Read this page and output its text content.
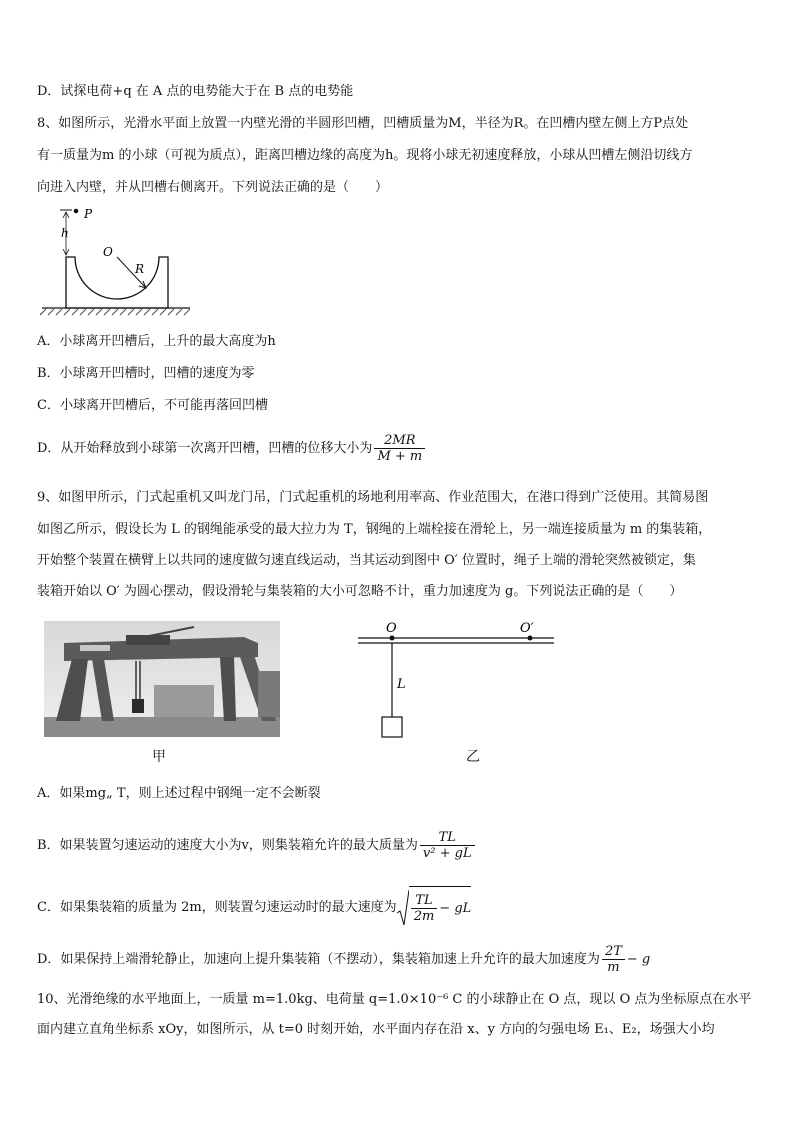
D．试探电荷+q 在 A 点的电势能大于在 B 点的电势能
8、如图所示，光滑水平面上放置一内壁光滑的半圆形凹槽，凹槽质量为M，半径为R。在凹槽内壁左侧上方P点处
有一质量为m 的小球（可视为质点），距离凹槽边缘的高度为h。现将小球无初速度释放，小球从凹槽左侧沿切线方
向进入内壁，并从凹槽右侧离开。下列说法正确的是（　　）
P
h
O
R
A．小球离开凹槽后，上升的最大高度为h
B．小球离开凹槽时，凹槽的速度为零
C．小球离开凹槽后，不可能再落回凹槽
D．从开始释放到小球第一次离开凹槽，凹槽的位移大小为 $\frac{2MR}{M + m}$
9、如图甲所示，门式起重机又叫龙门吊，门式起重机的场地利用率高、作业范围大，在港口得到广泛使用。其简易图
如图乙所示，假设长为 L 的钢绳能承受的最大拉力为 T，钢绳的上端栓接在滑轮上，另一端连接质量为 m 的集装箱，
开始整个装置在横臂上以共同的速度做匀速直线运动，当其运动到图中 O′ 位置时，绳子上端的滑轮突然被锁定，集
装箱开始以 O′ 为圆心摆动，假设滑轮与集装箱的大小可忽略不计，重力加速度为 g。下列说法正确的是（　　）
甲
O	O′
L
乙
A．如果mg„ T，则上述过程中钢绳一定不会断裂
B．如果装置匀速运动的速度大小为v，则集装箱允许的最大质量为 $\frac{TL}{\text{v² + gL}}$
C．如果集装箱的质量为 2m，则装置匀速运动时的最大速度为 $\frac{TL}{2m}$ − gL
D．如果保持上端滑轮静止，加速向上提升集装箱（不摆动），集装箱加速上升允许的最大加速度为 $\frac{2T}{m} - g$
10、光滑绝缘的水平地面上，一质量 m=1.0kg、电荷量 q=1.0×10⁻⁶ C 的小球静止在 O 点，现以 O 点为坐标原点在水平
面内建立直角坐标系 xOy，如图所示，从 t=0 时刻开始，水平面内存在沿 x、y 方向的匀强电场 E₁、E₂，场强大小均
